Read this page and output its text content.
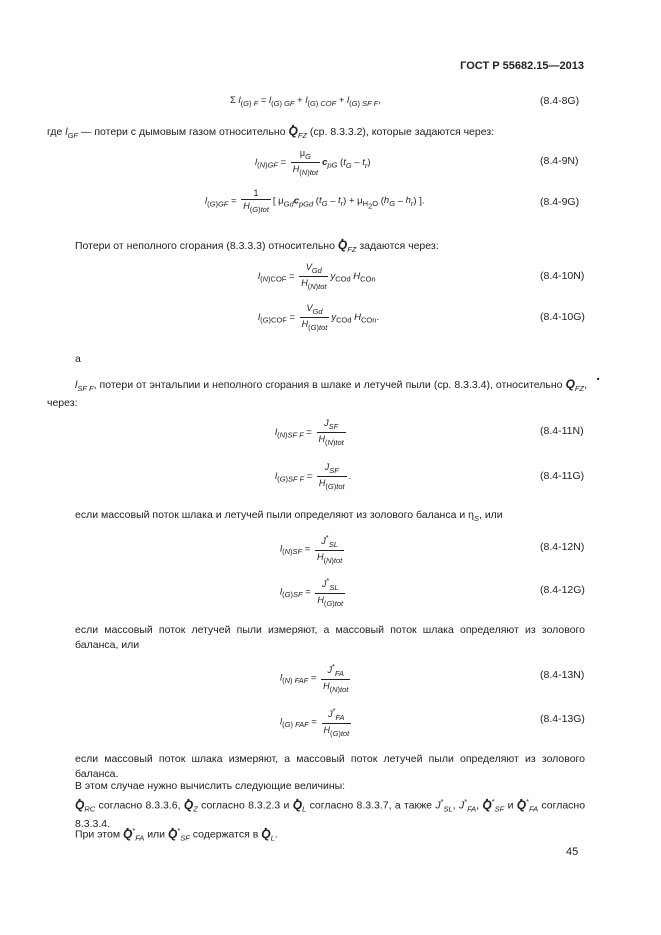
ГОСТ Р 55682.15—2013
Σ $l_{(G) F} = l_{(G) GF} + l_{(G) COF} + l_{(G) SF F}$,	(8.4-8G)
где $l_{GF}$ — потери с дымовым газом относительно . $Q_{FZ}$ (ср. 8.3.3.2), которые задаются через:
$l_{(N)GF} = \frac{\mu_G}{H_{(N)tot}} c_{pG}$ $(t_G - t_r)$	(8.4-9N)
$l_{(G)GF} = \frac{1}{H_{(G)tot}}$ [ $\mu_{Gd}c_{pGd}$ $(t_G - t_r) + \mu_{H_2O}$ $(h_G - h_r)$ ].	(8.4-9G)
Потери от неполного сгорания (8.3.3.3) относительно . $Q_{FZ}$ задаются через:
$l_{(N)COF} = \frac{V_{Gd}}{H_{(N)tot}} y_{COd}$ $H_{COn}$	(8.4-10N)
$l_{(G)COF} = \frac{V_{Gd}}{H_{(G)tot}} y_{COd}$ $H_{COn}$.	(8.4-10G)
а
$l_{SF F}$, потери от энтальпии и неполного сгорания в шлаке и летучей пыли (ср. 8.3.3.4), относительно . $Q_{FZ}$, через:
$l_{(N)SF F} = \frac{J_{SF}}{H_{(N)tot}}$	(8.4-11N)
$l_{(G)SF F} = \frac{J_{SF}}{H_{(G)tot}}$ .	(8.4-11G)
если массовый поток шлака и летучей пыли определяют из золового баланса и $\eta_S$, или
$l_{(N)SF} = \frac{J^*_{SL}}{H_{(N)tot}}$	(8.4-12N)
$l_{(G)SF} = \frac{J^*_{SL}}{H_{(G)tot}}$	(8.4-12G)
если массовый поток летучей пыли измеряют, а массовый поток шлака определяют из золового баланса, или
$l_{(N) FAF} = \frac{J^*_{FA}}{H_{(N)tot}}$	(8.4-13N)
$l_{(G) FAF} = \frac{J^*_{FA}}{H_{(G)tot}}$	(8.4-13G)
если массовый поток шлака измеряют, а массовый поток летучей пыли определяют из золового баланса.
В этом случае нужно вычислить следующие величины:
. $Q_{RC}$ согласно 8.3.3.6, . $Q_Z$ согласно 8.3.2.3 и . $Q_L$ согласно 8.3.3.7, а также $J^*_{SL}$, $J^*_{FA}$, . $Q^*_{SF}$ и . $Q^*_{FA}$ согласно 8.3.3.4.
При этом . $Q^*_{FA}$ или . $Q^*_{SF}$ содержатся в . $Q_L$.
45
